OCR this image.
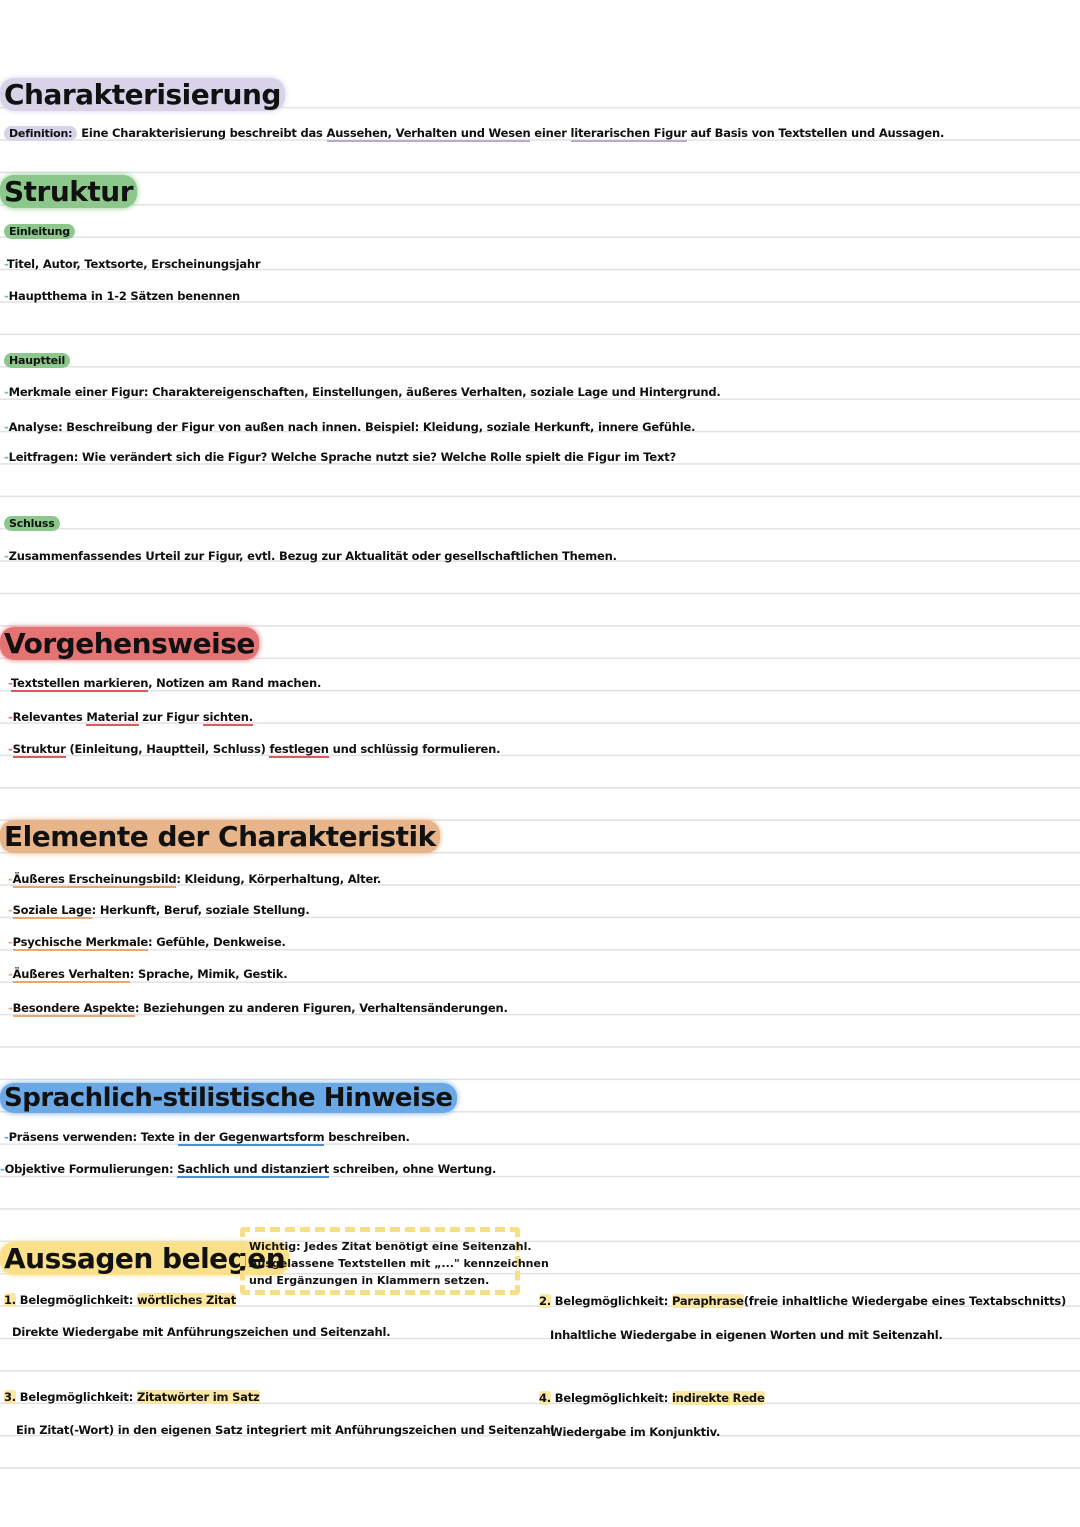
Charakterisierung
Definition: Eine Charakterisierung beschreibt das Aussehen, Verhalten und Wesen einer literarischen Figur auf Basis von Textstellen und Aussagen.
Struktur
Einleitung
-Titel, Autor, Textsorte, Erscheinungsjahr
-Hauptthema in 1-2 Sätzen benennen
Hauptteil
-Merkmale einer Figur: Charaktereigenschaften, Einstellungen, äußeres Verhalten, soziale Lage und Hintergrund.
-Analyse: Beschreibung der Figur von außen nach innen. Beispiel: Kleidung, soziale Herkunft, innere Gefühle.
-Leitfragen: Wie verändert sich die Figur? Welche Sprache nutzt sie? Welche Rolle spielt die Figur im Text?
Schluss
-Zusammenfassendes Urteil zur Figur, evtl. Bezug zur Aktualität oder gesellschaftlichen Themen.
Vorgehensweise
-Textstellen markieren, Notizen am Rand machen.
-Relevantes Material zur Figur sichten.
-Struktur (Einleitung, Hauptteil, Schluss) festlegen und schlüssig formulieren.
Elemente der Charakteristik
-Äußeres Erscheinungsbild: Kleidung, Körperhaltung, Alter.
-Soziale Lage: Herkunft, Beruf, soziale Stellung.
-Psychische Merkmale: Gefühle, Denkweise.
-Äußeres Verhalten: Sprache, Mimik, Gestik.
-Besondere Aspekte: Beziehungen zu anderen Figuren, Verhaltensänderungen.
Sprachlich-stilistische Hinweise
-Präsens verwenden: Texte in der Gegenwartsform beschreiben.
-Objektive Formulierungen: Sachlich und distanziert schreiben, ohne Wertung.
Aussagen belegen
Wichtig: Jedes Zitat benötigt eine Seitenzahl.
Ausgelassene Textstellen mit „..." kennzeichnen
und Ergänzungen in Klammern setzen.
1. Belegmöglichkeit: wörtliches Zitat
Direkte Wiedergabe mit Anführungszeichen und Seitenzahl.
2. Belegmöglichkeit: Paraphrase(freie inhaltliche Wiedergabe eines Textabschnitts)
Inhaltliche Wiedergabe in eigenen Worten und mit Seitenzahl.
3. Belegmöglichkeit: Zitatwörter im Satz
Ein Zitat(-Wort) in den eigenen Satz integriert mit Anführungszeichen und Seitenzahl
4. Belegmöglichkeit: indirekte Rede
Wiedergabe im Konjunktiv.
